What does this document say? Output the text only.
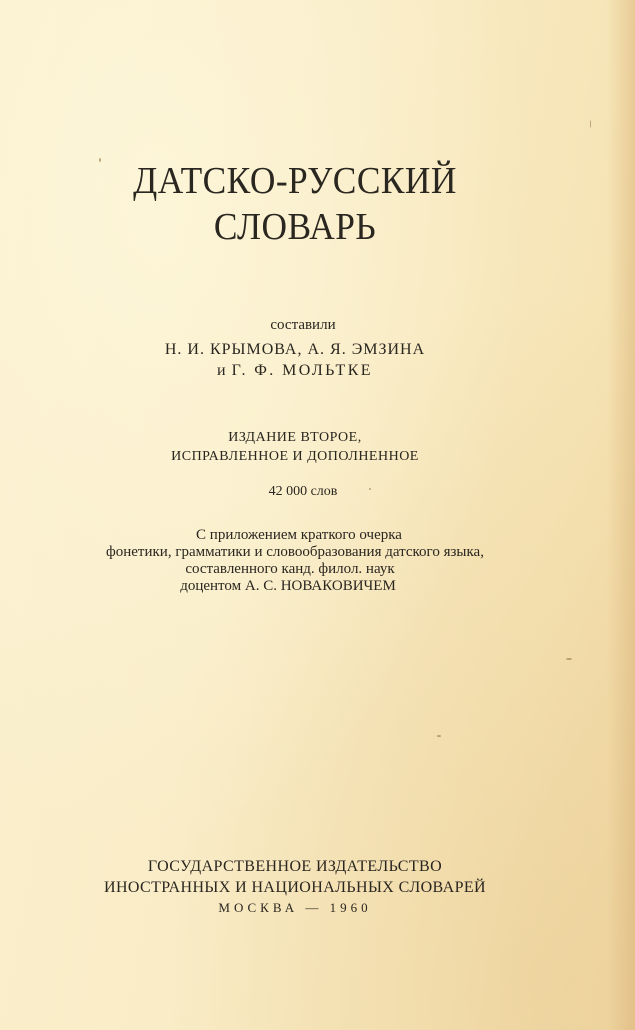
ДАТСКО-РУССКИЙ
СЛОВАРЬ
составили
Н. И. КРЫМОВА, А. Я. ЭМЗИНА
и Г. Ф. МОЛЬТКЕ
ИЗДАНИЕ ВТОРОЕ,
ИСПРАВЛЕННОЕ И ДОПОЛНЕННОЕ
42 000 слов
С приложением краткого очерка
фонетики, грамматики и словообразования датского языка,
составленного канд. филол. наук
доцентом А. С. НОВАКОВИЧЕМ
ГОСУДАРСТВЕННОЕ ИЗДАТЕЛЬСТВО
ИНОСТРАННЫХ И НАЦИОНАЛЬНЫХ СЛОВАРЕЙ
МОСКВА — 1960
